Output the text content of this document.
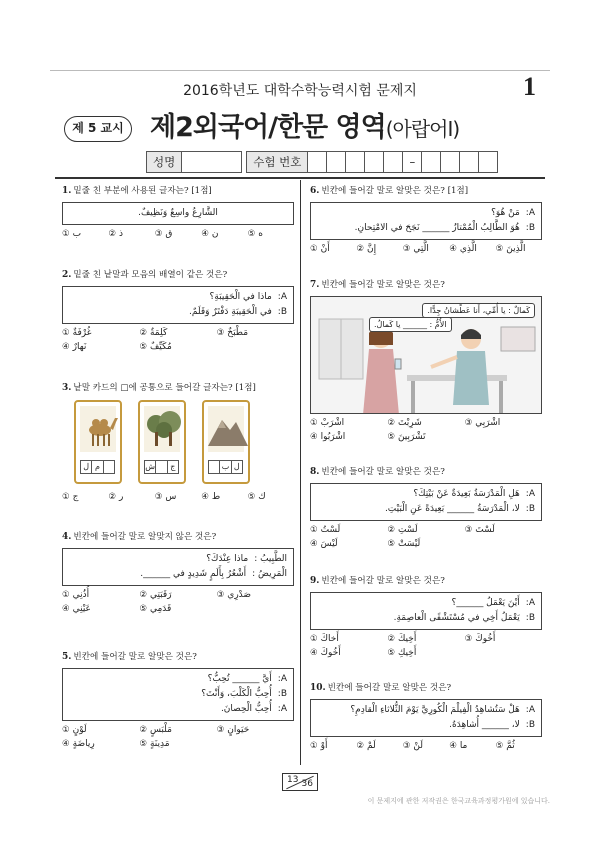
2016학년도 대학수학능력시험 문제지	1
제 5 교시 제2외국어/한문 영역(아랍어Ⅰ)
성명	수험 번호	–
1. 밑줄 친 부분에 사용된 글자는? [1점]
الشَّارِعُ واسِعٌ وَنَظِيفٌ.
① ب	② ذ	③ ق	④ ن	⑤ ه
2. 밑줄 친 낱말과 모음의 배열이 같은 것은?
A:
ماذا في الْحَقِيبَةِ؟
B:
في الْحَقِيبَةِ دَفْتَرٌ وَقَلَمٌ.
① غُرْفَةٌ	② كَلِمَةٌ	③ مَطْبَخٌ
④ نَهارٌ	⑤ مُكَيِّفٌ
3. 낱말 카드의 □에 공통으로 들어갈 글자는? [1점]
ل م	ش	ج	ب ل
① ج	② ر	③ س	④ ط	⑤ ك
4. 빈칸에 들어갈 말로 알맞지 않은 것은?
الطَّبِيبُ :
ماذا عِنْدَكَ؟
الْمَرِيضُ :
أَشْعُرُ بِأَلَمٍ شَدِيدٍ في ______.
① أُذُنِي	② رَقَبَتِي	③ صَدْرِي
④ عَيْنِي	⑤ قَدَمِي
5. 빈칸에 들어갈 말로 알맞은 것은?
A:
أَيَّ ______ تُحِبُّ؟
B:
أُحِبُّ الْكَلْبَ، وَأَنْتَ؟
A:
أُحِبُّ الْحِصانَ.
① لَوْنٍ	② مَلْبَسٍ	③ حَيَوانٍ
④ رِياضَةٍ	⑤ مَدِينَةٍ
6. 빈칸에 들어갈 말로 알맞은 것은? [1점]
A:
مَنْ هُوَ؟
B:
هُوَ الطَّالِبُ الْمُمْتازُ ______ نَجَحَ في الامْتِحانِ.
① أَنْ	② إِنَّ	③ الَّتِي	④ الَّذِي	⑤ الَّذِينَ
7. 빈칸에 들어갈 말로 알맞은 것은?
كَمالٌ : يا أُمِّي، أَنا عَطْشانُ جِدًّا.
الأُمُّ : ______ يا كَمالُ.
① اشْرَبْ	② شَرِبْتَ	③ اشْرَبِي
④ اشْرَبُوا	⑤ تَشْرَبِينَ
8. 빈칸에 들어갈 말로 알맞은 것은?
A:
هَلِ الْمَدْرَسَةُ بَعِيدَةٌ عَنْ بَيْتِكَ؟
B:
لا، الْمَدْرَسَةُ ______ بَعِيدَةً عَنِ الْبَيْتِ.
① لَسْتُ	② لَسْتِ	③ لَسْتَ
④ لَيْسَ	⑤ لَيْسَتْ
9. 빈칸에 들어갈 말로 알맞은 것은?
A:
أَيْنَ يَعْمَلُ ______؟
B:
يَعْمَلُ أَخِي في مُسْتَشْفًى الْعاصِمَةِ.
① أَخاكَ	② أَخِيكَ	③ أَخُوكَ
④ أَخُوكَ	⑤ أَخِيكِ
10. 빈칸에 들어갈 말로 알맞은 것은?
A:
هَلْ سَتُشاهِدُ الْفِيلْمَ الْكُورِيَّ يَوْمَ الثُّلاثاءِ الْقادِمِ؟
B:
لا، ______ أُشاهِدَهُ.
① أَوْ	② لَمْ	③ لَنْ	④ ما	⑤ ثُمَّ
13 36
이 문제지에 관한 저작권은 한국교육과정평가원에 있습니다.
